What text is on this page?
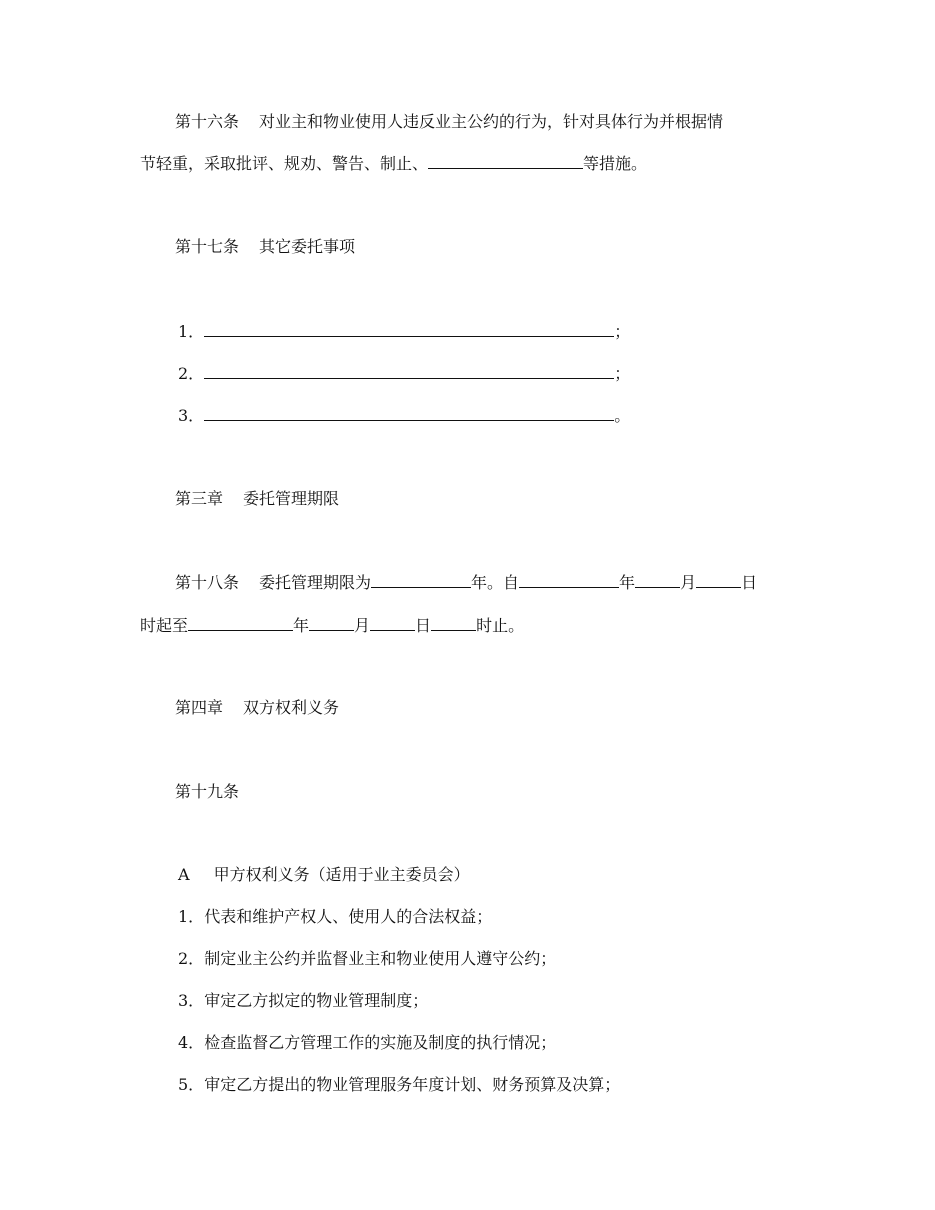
第十六条 对业主和物业使用人违反业主公约的行为，针对具体行为并根据情
节轻重，采取批评、规劝、警告、制止、	等措施。
第十七条 其它委托事项
1．	；
2．	；
3．	。
第三章 委托管理期限
第十八条 委托管理期限为	年。自	年	月	日
时起至	年	月	日	时止。
第四章 双方权利义务
第十九条
A 甲方权利义务（适用于业主委员会）
1．代表和维护产权人、使用人的合法权益；
2．制定业主公约并监督业主和物业使用人遵守公约；
3．审定乙方拟定的物业管理制度；
4．检查监督乙方管理工作的实施及制度的执行情况；
5．审定乙方提出的物业管理服务年度计划、财务预算及决算；
